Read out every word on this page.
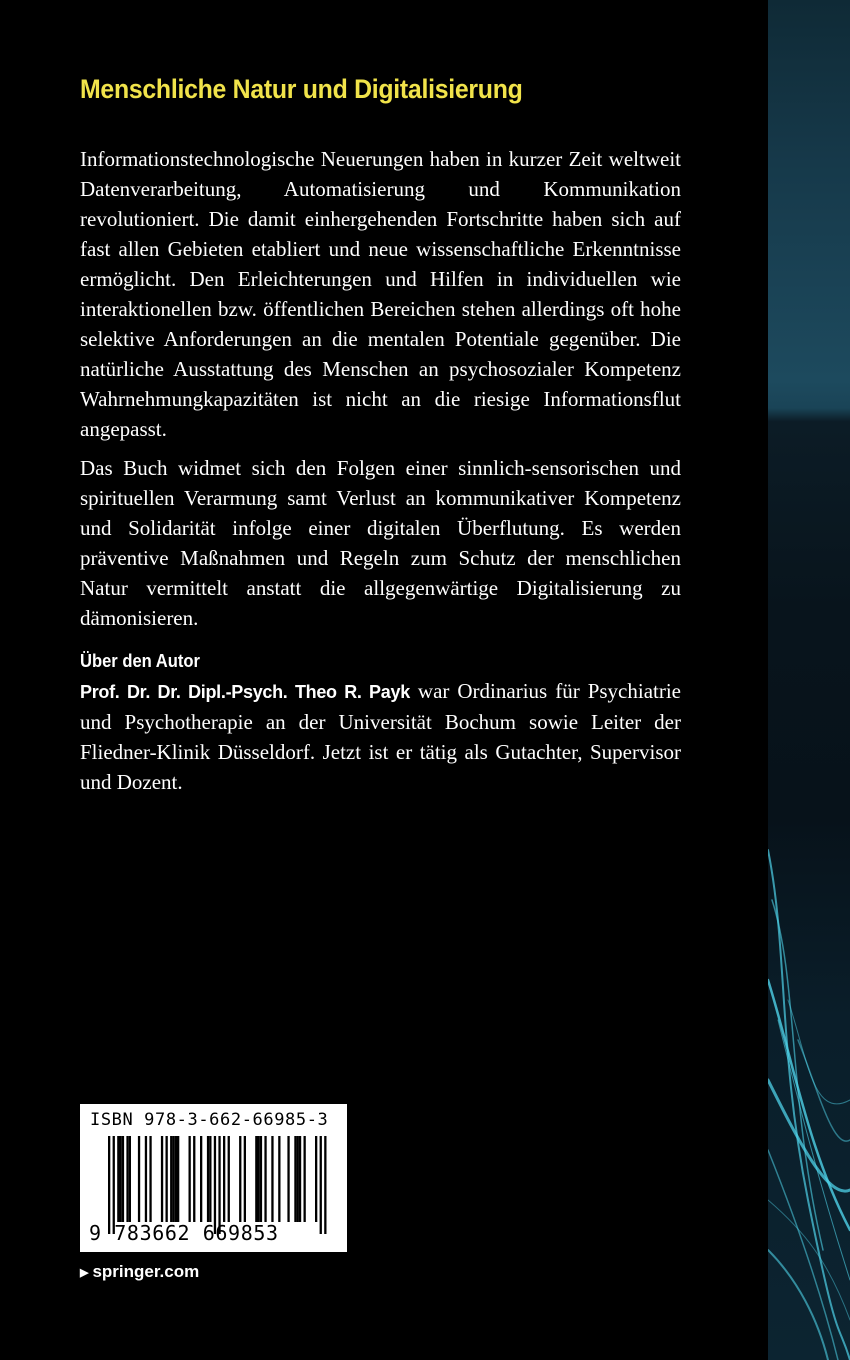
Menschliche Natur und Digitalisierung

Informationstechnologische Neuerungen haben in kurzer Zeit weltweit Datenverarbeitung, Automatisierung und Kommunikation revolutioniert. Die damit einhergehenden Fortschritte haben sich auf fast allen Gebieten etabliert und neue wissenschaftliche Erkenntnisse ermöglicht. Den Erleichterungen und Hilfen in individuellen wie interaktionellen bzw. öffentlichen Bereichen stehen allerdings oft hohe selektive Anforderungen an die mentalen Potentiale gegenüber. Die natürliche Ausstattung des Menschen an psychosozialer Kompetenz Wahrnehmungkapazitäten ist nicht an die riesige Informationsflut angepasst.

Das Buch widmet sich den Folgen einer sinnlich-sensorischen und spirituellen Verarmung samt Verlust an kommunikativer Kompetenz und Solidarität infolge einer digitalen Überflutung. Es werden präventive Maßnahmen und Regeln zum Schutz der menschlichen Natur vermittelt anstatt die allgegenwärtige Digitalisierung zu dämonisieren.

Über den Autor

Prof. Dr. Dr. Dipl.-Psych. Theo R. Payk war Ordinarius für Psychiatrie und Psychotherapie an der Universität Bochum sowie Leiter der Fliedner-Klinik Düsseldorf. Jetzt ist er tätig als Gutachter, Supervisor und Dozent.

ISBN 978-3-662-66985-3
9 783662 669853
▶ springer.com
